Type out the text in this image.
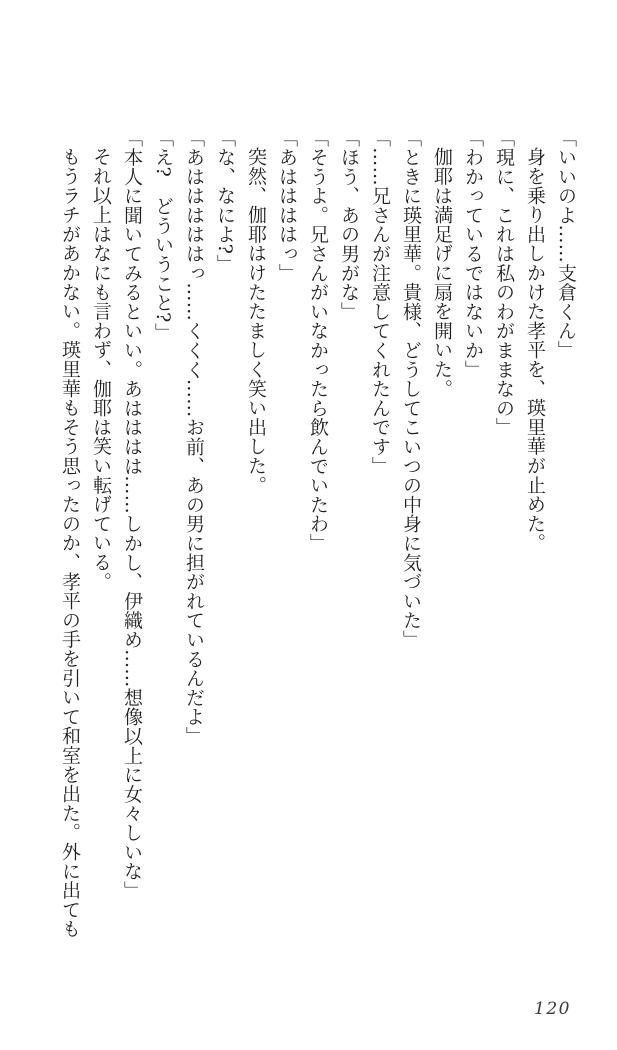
「いいのよ……支倉くん」

身を乗り出しかけた孝平を、瑛里華が止めた。

「現に、これは私のわがままなの」

「わかっているではないか」

伽耶は満足げに扇を開いた。

「ときに瑛里華。貴様、どうしてこいつの中身に気づいた」

「……兄さんが注意してくれたんです」

「ほう、あの男がな」

「そうよ。兄さんがいなかったら飲んでいたわ」

「あははははっ」

突然、伽耶はけたたましく笑い出した。

「な、なによ?」

「あはははははっ……くくく……お前、あの男に担がれているんだよ」

「え?　どういうこと?」

「本人に聞いてみるといい。あはははは……しかし、伊織め……想像以上に女々しいな」

それ以上はなにも言わず、伽耶は笑い転げている。

もうラチがあかない。瑛里華もそう思ったのか、孝平の手を引いて和室を出た。外に出ても

120
